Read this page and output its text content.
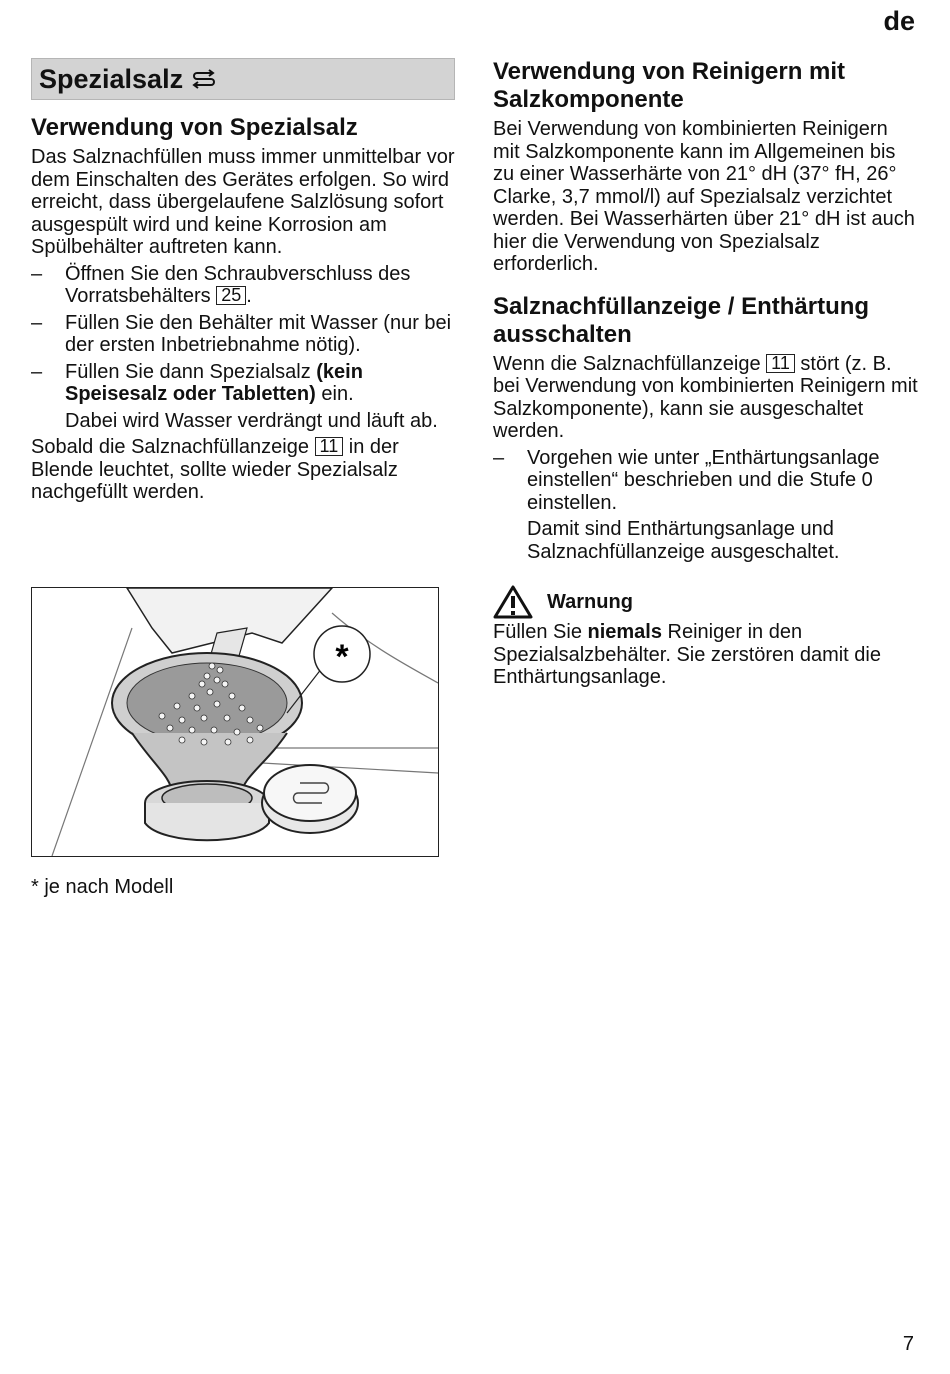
de
Spezialsalz
Verwendung von Spezialsalz

Das Salznachfüllen muss immer unmittelbar vor dem Einschalten des Gerätes erfolgen. So wird erreicht, dass übergelaufene Salzlösung sofort ausgespült wird und keine Korrosion am Spülbehälter auftreten kann.

– Öffnen Sie den Schraubverschluss des Vorratsbehälters 25 .
– Füllen Sie den Behälter mit Wasser (nur bei der ersten Inbetriebnahme nötig).
– Füllen Sie dann Spezialsalz (kein Speisesalz oder Tabletten) ein.
Dabei wird Wasser verdrängt und läuft ab.

Sobald die Salznachfüllanzeige 11 in der Blende leuchtet, sollte wieder Spezialsalz nachgefüllt werden.

*
* je nach Modell
Verwendung von Reinigern mit Salzkomponente

Bei Verwendung von kombinierten Reinigern mit Salzkomponente kann im Allgemeinen bis zu einer Wasserhärte von 21° dH (37° fH, 26° Clarke, 3,7 mmol/l) auf Spezialsalz verzichtet werden. Bei Wasserhärten über 21° dH ist auch hier die Verwendung von Spezialsalz erforderlich.

Salznachfüllanzeige / Enthärtung ausschalten

Wenn die Salznachfüllanzeige 11 stört (z. B. bei Verwendung von kombinierten Reinigern mit Salzkomponente), kann sie ausgeschaltet werden.

– Vorgehen wie unter „Enthärtungsanlage einstellen“ beschrieben und die Stufe 0 einstellen.
Damit sind Enthärtungsanlage und Salznachfüllanzeige ausgeschaltet.
Warnung

Füllen Sie niemals Reiniger in den Spezialsalzbehälter. Sie zerstören damit die Enthärtungsanlage.

7
